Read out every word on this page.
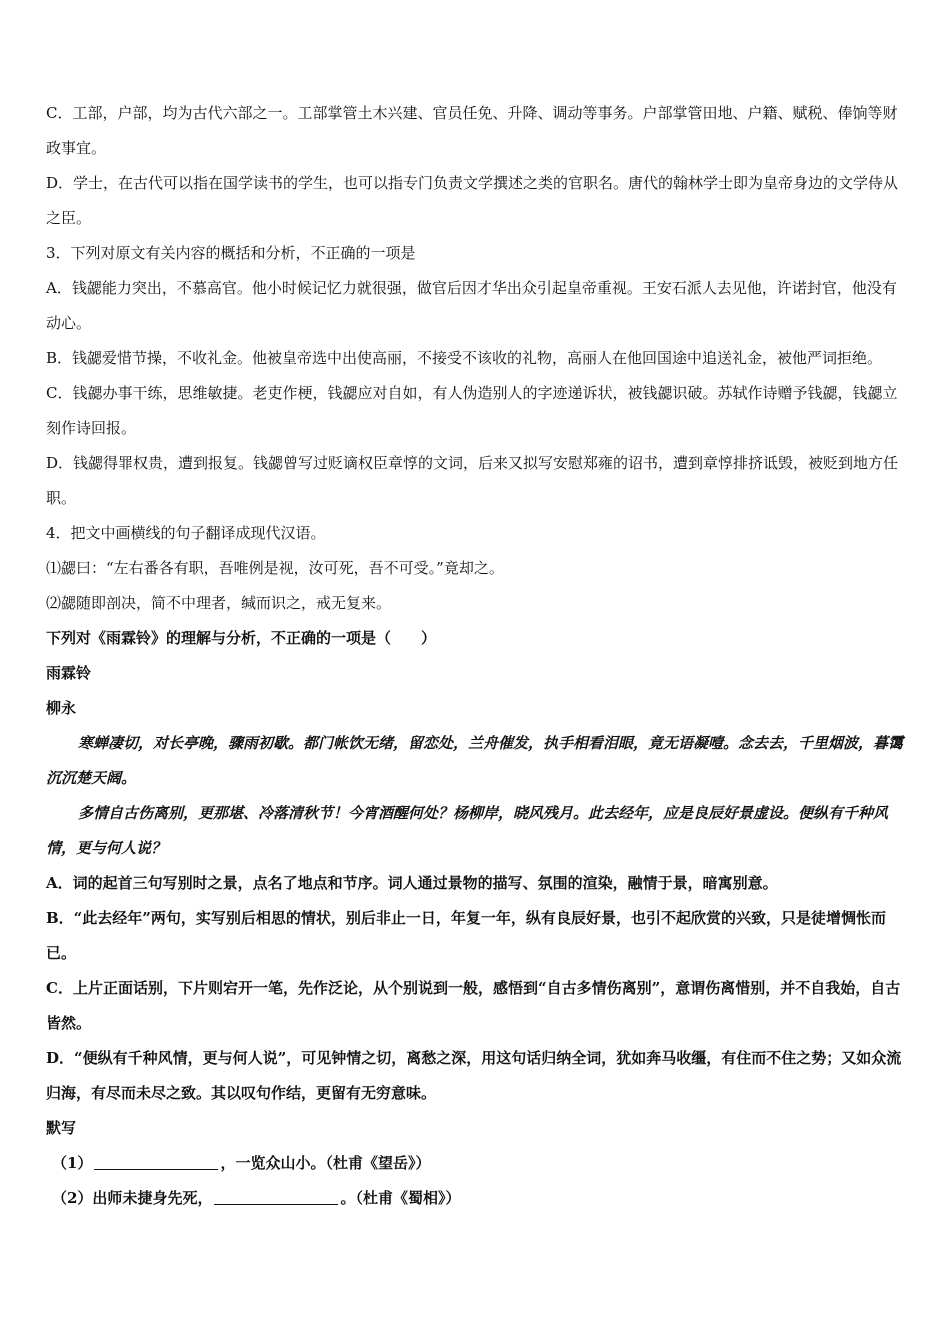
C．工部，户部，均为古代六部之一。工部掌管土木兴建、官员任免、升降、调动等事务。户部掌管田地、户籍、赋税、俸饷等财政事宜。

D．学士，在古代可以指在国学读书的学生，也可以指专门负责文学撰述之类的官职名。唐代的翰林学士即为皇帝身边的文学侍从之臣。

3．下列对原文有关内容的概括和分析，不正确的一项是

A．钱勰能力突出，不慕高官。他小时候记忆力就很强，做官后因才华出众引起皇帝重视。王安石派人去见他，许诺封官，他没有动心。

B．钱勰爱惜节操，不收礼金。他被皇帝选中出使高丽，不接受不该收的礼物，高丽人在他回国途中追送礼金，被他严词拒绝。

C．钱勰办事干练，思维敏捷。老吏作梗，钱勰应对自如，有人伪造别人的字迹递诉状，被钱勰识破。苏轼作诗赠予钱勰，钱勰立刻作诗回报。

D．钱勰得罪权贵，遭到报复。钱勰曾写过贬谪权臣章惇的文词，后来又拟写安慰郑雍的诏书，遭到章惇排挤诋毁，被贬到地方任职。

4．把文中画横线的句子翻译成现代汉语。

⑴勰曰：“左右番各有职，吾唯例是视，汝可死，吾不可受。”竟却之。

⑵勰随即剖决，简不中理者，缄而识之，戒无复来。

下列对《雨霖铃》的理解与分析，不正确的一项是（　　）

雨霖铃

柳永

寒蝉凄切，对长亭晚，骤雨初歇。都门帐饮无绪，留恋处，兰舟催发，执手相看泪眼，竟无语凝噎。念去去，千里烟波，暮霭沉沉楚天阔。

多情自古伤离别，更那堪、冷落清秋节！今宵酒醒何处？杨柳岸，晓风残月。此去经年，应是良辰好景虚设。便纵有千种风情，更与何人说？

A．词的起首三句写别时之景，点名了地点和节序。词人通过景物的描写、氛围的渲染，融情于景，暗寓别意。

B．“此去经年”两句，实写别后相思的情状，别后非止一日，年复一年，纵有良辰好景，也引不起欣赏的兴致，只是徒增惆怅而已。

C．上片正面话别，下片则宕开一笔，先作泛论，从个别说到一般，感悟到“自古多情伤离别”，意谓伤离惜别，并不自我始，自古皆然。

D．“便纵有千种风情，更与何人说”，可见钟情之切，离愁之深，用这句话归纳全词，犹如奔马收缰，有住而不住之势；又如众流归海，有尽而未尽之致。其以叹句作结，更留有无穷意味。

默写

（1）	，一览众山小。（杜甫《望岳》）

（2）出师未捷身先死，	。（杜甫《蜀相》）
